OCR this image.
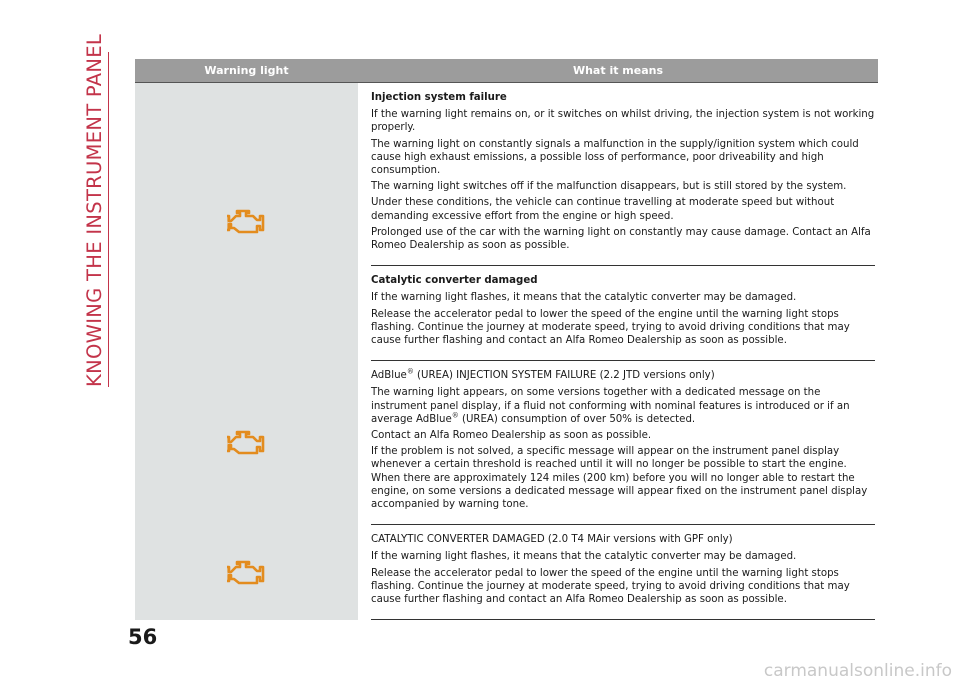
KNOWING THE INSTRUMENT PANEL	Warning light	What it means

Injection system failure

If the warning light remains on, or it switches on whilst driving, the injection system is not working properly.

The warning light on constantly signals a malfunction in the supply/ignition system which could cause high exhaust emissions, a possible loss of performance, poor driveability and high consumption.

The warning light switches off if the malfunction disappears, but is still stored by the system.

Under these conditions, the vehicle can continue travelling at moderate speed but without demanding excessive effort from the engine or high speed.

Prolonged use of the car with the warning light on constantly may cause damage. Contact an Alfa Romeo Dealership as soon as possible.

Catalytic converter damaged

If the warning light flashes, it means that the catalytic converter may be damaged.

Release the accelerator pedal to lower the speed of the engine until the warning light stops flashing. Continue the journey at moderate speed, trying to avoid driving conditions that may cause further flashing and contact an Alfa Romeo Dealership as soon as possible.

AdBlue® (UREA) INJECTION SYSTEM FAILURE (2.2 JTD versions only)

The warning light appears, on some versions together with a dedicated message on the instrument panel display, if a fluid not conforming with nominal features is introduced or if an average AdBlue® (UREA) consumption of over 50% is detected.

Contact an Alfa Romeo Dealership as soon as possible.

If the problem is not solved, a specific message will appear on the instrument panel display whenever a certain threshold is reached until it will no longer be possible to start the engine. When there are approximately 124 miles (200 km) before you will no longer able to restart the engine, on some versions a dedicated message will appear fixed on the instrument panel display accompanied by warning tone.

CATALYTIC CONVERTER DAMAGED (2.0 T4 MAir versions with GPF only)

If the warning light flashes, it means that the catalytic converter may be damaged.

Release the accelerator pedal to lower the speed of the engine until the warning light stops flashing. Continue the journey at moderate speed, trying to avoid driving conditions that may cause further flashing and contact an Alfa Romeo Dealership as soon as possible.

56
carmanualsonline.info
